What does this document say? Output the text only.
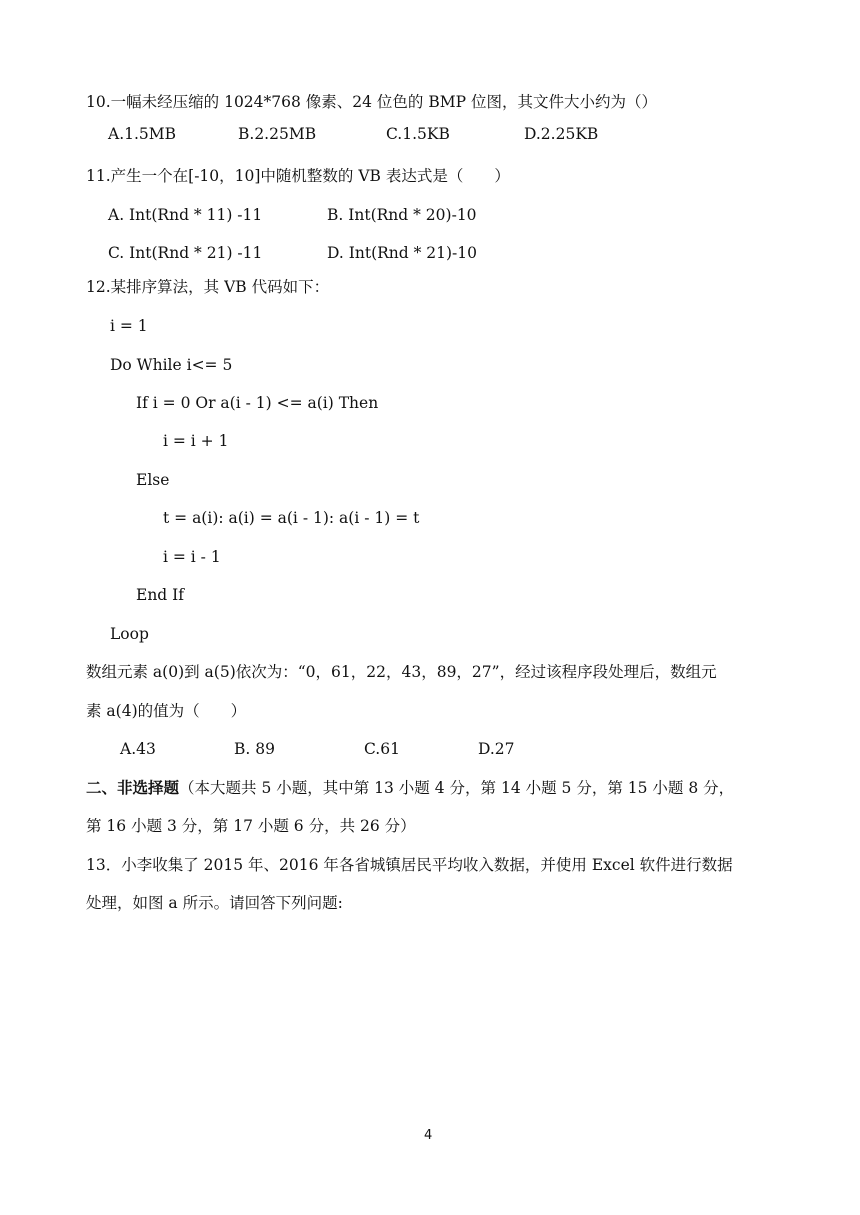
10.一幅未经压缩的 1024*768 像素、24 位色的 BMP 位图，其文件大小约为（）
A.1.5MB	B.2.25MB	C.1.5KB	D.2.25KB
11.产生一个在[-10，10]中随机整数的 VB 表达式是（　　）
A. Int(Rnd * 11) -11	B. Int(Rnd * 20)-10
C. Int(Rnd * 21) -11	D. Int(Rnd * 21)-10
12.某排序算法，其 VB 代码如下：
i = 1
Do While i<= 5
If i = 0 Or a(i - 1) <= a(i) Then
i = i + 1
Else
t = a(i): a(i) = a(i - 1): a(i - 1) = t
i = i - 1
End If
Loop
数组元素 a(0)到 a(5)依次为：“0，61，22，43，89，27”，经过该程序段处理后，数组元
素 a(4)的值为（　　）
A.43	B. 89	C.61	D.27
二、非选择题（本大题共 5 小题，其中第 13 小题 4 分，第 14 小题 5 分，第 15 小题 8 分，
第 16 小题 3 分，第 17 小题 6 分，共 26 分）
13．小李收集了 2015 年、2016 年各省城镇居民平均收入数据，并使用 Excel 软件进行数据
处理，如图 a 所示。请回答下列问题:
4
